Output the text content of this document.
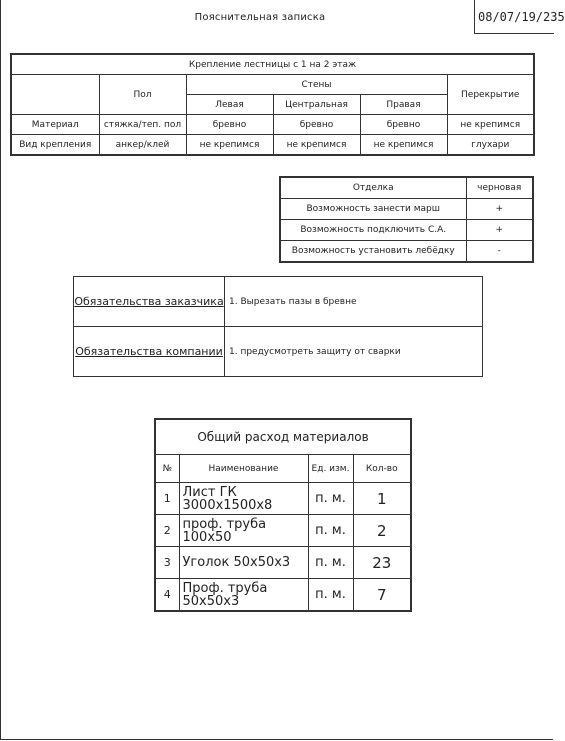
Пояснительная записка	08/07/19/235
Крепление лестницы с 1 на 2 этаж					
	Пол	Стены			Перекрытие
		Левая	Центральная	Правая	
Материал	стяжка/теп. пол	бревно	бревно	бревно	не крепимся
Вид крепления	анкер/клей	не крепимся	не крепимся	не крепимся	глухари
Отделка	черновая
Возможность занести марш	+
Возможность подключить С.А.	+
Возможность установить лебёдку	-
Обязательства заказчика	1. Вырезать пазы в бревне
Обязательства компании	1. предусмотреть защиту от сварки
Общий расход материалов			
№	Наименование	Ед. изм.	Кол-во
1	Лист ГК 3000х1500х8	п. м.	1
2	проф. труба 100х50	п. м.	2
3	Уголок 50х50х3	п. м.	23
4	Проф. труба 50х50х3	п. м.	7
